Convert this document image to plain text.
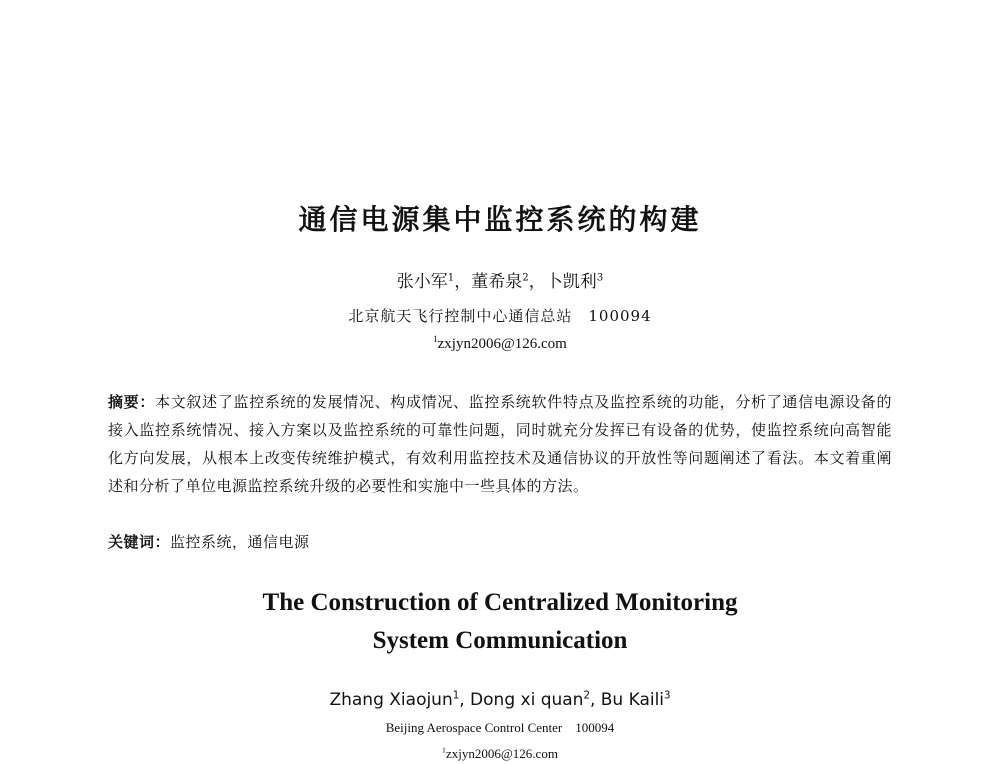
通信电源集中监控系统的构建
张小军$^1$，董希泉$^2$，卜凯利$^3$
北京航天飞行控制中心通信总站　100094
$^1$zxjyn2006@126.com
摘要：本文叙述了监控系统的发展情况、构成情况、监控系统软件特点及监控系统的功能，分析了通信电源设备的接入监控系统情况、接入方案以及监控系统的可靠性问题，同时就充分发挥已有设备的优势，使监控系统向高智能化方向发展，从根本上改变传统维护模式，有效利用监控技术及通信协议的开放性等问题阐述了看法。本文着重阐述和分析了单位电源监控系统升级的必要性和实施中一些具体的方法。
关键词：监控系统，通信电源
The Construction of Centralized Monitoring
System Communication
Zhang Xiaojun$^1$, Dong xi quan$^2$, Bu Kaili$^3$
Beijing Aerospace Control Center　100094
$^1$zxjyn2006@126.com
